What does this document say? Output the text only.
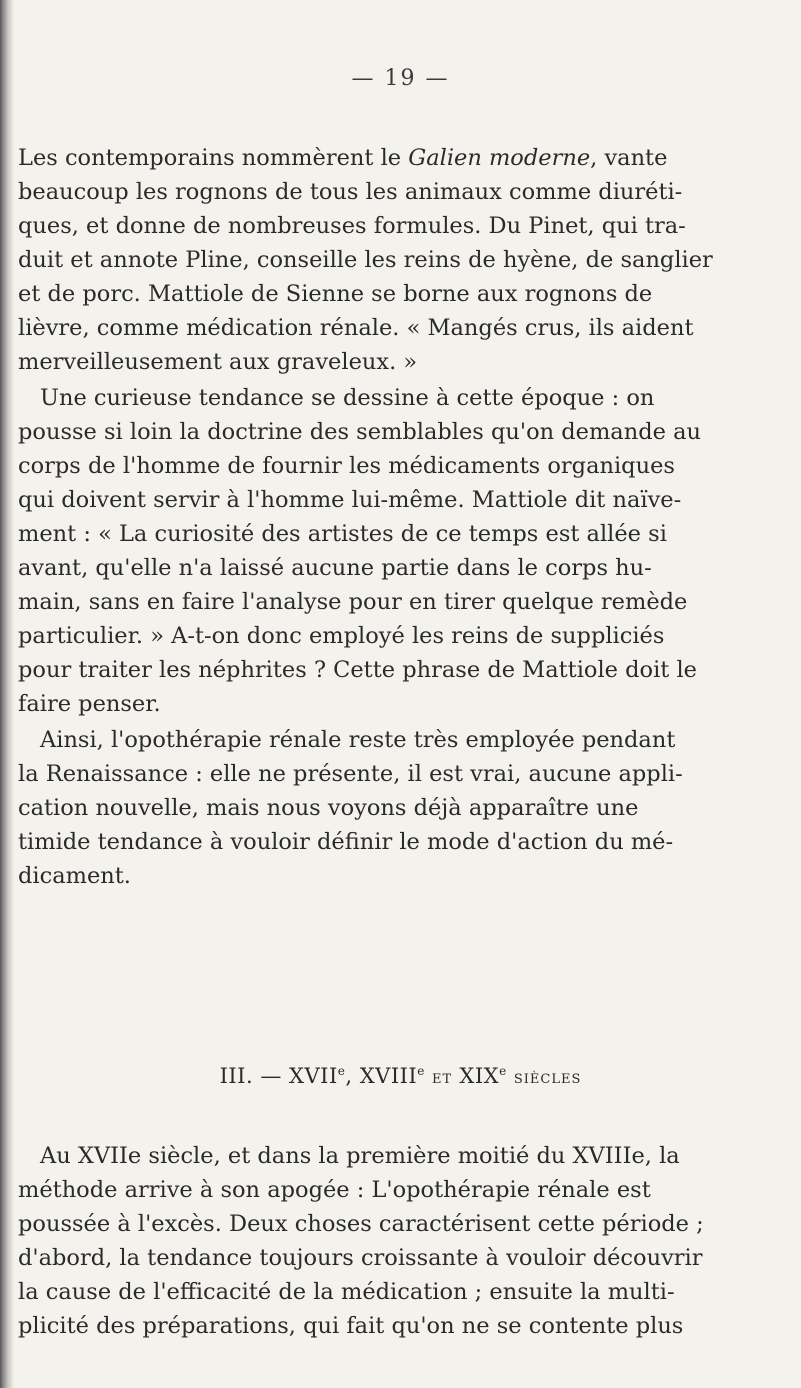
— 19 —
Les contemporains nommèrent le Galien moderne, vante
beaucoup les rognons de tous les animaux comme diuréti-
ques, et donne de nombreuses formules. Du Pinet, qui tra-
duit et annote Pline, conseille les reins de hyène, de sanglier
et de porc. Mattiole de Sienne se borne aux rognons de
lièvre, comme médication rénale. « Mangés crus, ils aident
merveilleusement aux graveleux. »
Une curieuse tendance se dessine à cette époque : on
pousse si loin la doctrine des semblables qu'on demande au
corps de l'homme de fournir les médicaments organiques
qui doivent servir à l'homme lui-même. Mattiole dit naïve-
ment : « La curiosité des artistes de ce temps est allée si
avant, qu'elle n'a laissé aucune partie dans le corps hu-
main, sans en faire l'analyse pour en tirer quelque remède
particulier. » A-t-on donc employé les reins de suppliciés
pour traiter les néphrites ? Cette phrase de Mattiole doit le
faire penser.
Ainsi, l'opothérapie rénale reste très employée pendant
la Renaissance : elle ne présente, il est vrai, aucune appli-
cation nouvelle, mais nous voyons déjà apparaître une
timide tendance à vouloir définir le mode d'action du mé-
dicament.
III. — XVIIe, XVIIIe et XIXe siècles
Au XVIIe siècle, et dans la première moitié du XVIIIe, la
méthode arrive à son apogée : L'opothérapie rénale est
poussée à l'excès. Deux choses caractérisent cette période ;
d'abord, la tendance toujours croissante à vouloir découvrir
la cause de l'efficacité de la médication ; ensuite la multi-
plicité des préparations, qui fait qu'on ne se contente plus
